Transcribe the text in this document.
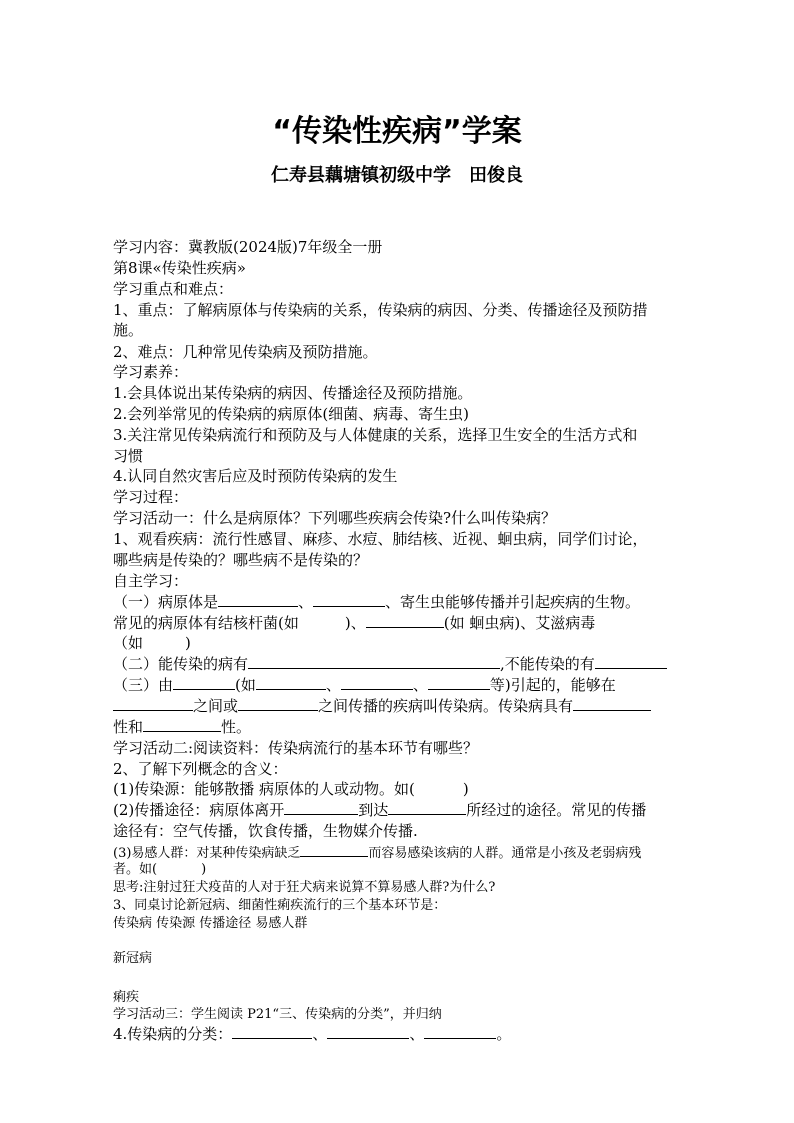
“传染性疾病”学案
仁寿县藕塘镇初级中学　田俊良
学习内容：冀教版(2024版)7年级全一册
第8课«传染性疾病»
学习重点和难点：
1、重点：了解病原体与传染病的关系，传染病的病因、分类、传播途径及预防措
施。
2、难点：几种常见传染病及预防措施。
学习素养：
1.会具体说出某传染病的病因、传播途径及预防措施。
2.会列举常见的传染病的病原体(细菌、病毒、寄生虫)
3.关注常见传染病流行和预防及与人体健康的关系，选择卫生安全的生活方式和
习惯
4.认同自然灾害后应及时预防传染病的发生
学习过程：
学习活动一：什么是病原体？下列哪些疾病会传染?什么叫传染病？
1、观看疾病：流行性感冒、麻疹、水痘、肺结核、近视、蛔虫病，同学们讨论，
哪些病是传染的？哪些病不是传染的？
自主学习：
（一）病原体是	、	、寄生虫能够传播并引起疾病的生物。
常见的病原体有结核杆菌(如	)、	(如 蛔虫病)、艾滋病毒
（如	)
（二）能传染的病有	,不能传染的有
（三）由	(如	、	、	等)引起的，能够在
之间或	之间传播的疾病叫传染病。传染病具有
性和	性。
学习活动二:阅读资料：传染病流行的基本环节有哪些？
2、了解下列概念的含义：
(1)传染源：能够散播 病原体的人或动物。如(	)
(2)传播途径：病原体离开	到达	所经过的途径。常见的传播
途径有：空气传播，饮食传播，生物媒介传播.
(3)易感人群：对某种传染病缺乏	而容易感染该病的人群。通常是小孩及老弱病残
者。如(	)
思考:注射过狂犬疫苗的人对于狂犬病来说算不算易感人群?为什么?
3、同桌讨论新冠病、细菌性痢疾流行的三个基本环节是：
传染病 传染源 传播途径 易感人群
新冠病
痢疾
学习活动三：学生阅读 P21“三、传染病的分类”，并归纳
4.传染病的分类：	、	、	。
